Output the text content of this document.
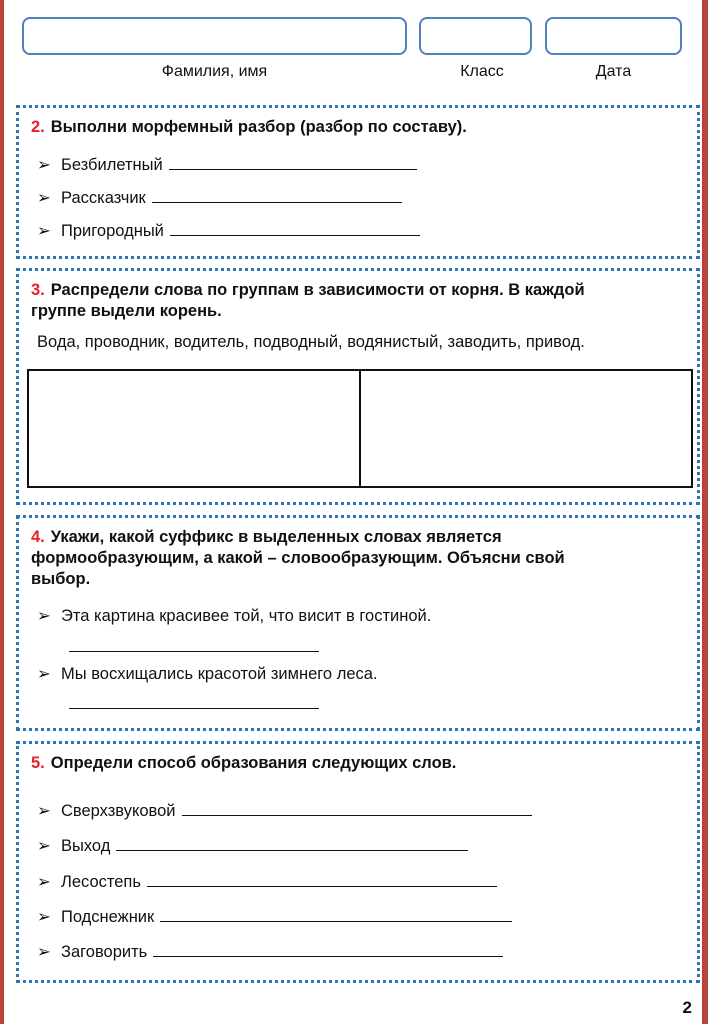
Фамилия, имя	Класс	Дата
2. Выполни морфемный разбор (разбор по составу).
➢ Безбилетный
➢ Рассказчик
➢ Пригородный
3. Распредели слова по группам в зависимости от корня. В каждой
группе выдели корень.
Вода, проводник, водитель, подводный, водянистый, заводить, привод.
4. Укажи, какой суффикс в выделенных словах является
формообразующим, а какой – словообразующим. Объясни свой
выбор.
➢ Эта картина красивее той, что висит в гостиной.
➢ Мы восхищались красотой зимнего леса.
5. Определи способ образования следующих слов.
➢ Сверхзвуковой
➢ Выход
➢ Лесостепь
➢ Подснежник
➢ Заговорить
2
